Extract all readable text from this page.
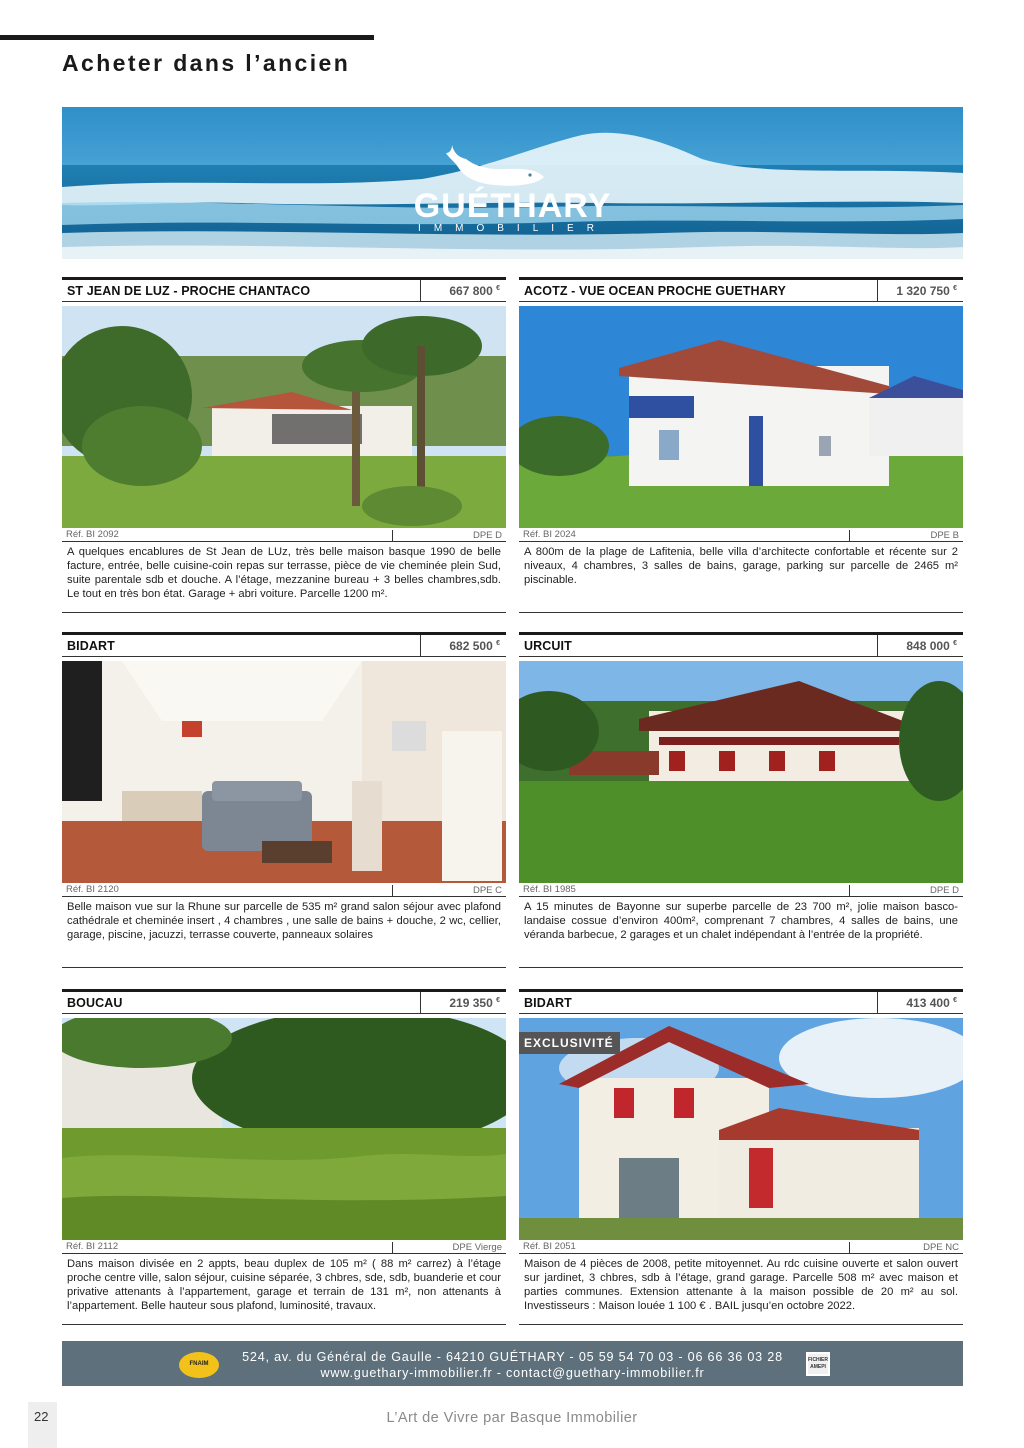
Acheter dans l’ancien
GUÉTHARY
IMMOBILIER
ST JEAN DE LUZ - PROCHE CHANTACO	667 800 €
Réf. BI 2092	DPE D

A quelques encablures de St Jean de LUz, très belle maison basque 1990 de belle facture, entrée, belle cuisine-coin repas sur terrasse, pièce de vie cheminée plein Sud, suite parentale sdb et douche. A l’étage, mezzanine bureau + 3 belles chambres,sdb. Le tout en très bon état. Garage + abri voiture. Parcelle 1200 m².

ACOTZ - VUE OCEAN PROCHE GUETHARY	1 320 750 €
Réf. BI 2024	DPE B

A 800m de la plage de Lafitenia, belle villa d’architecte confortable et récente sur 2 niveaux, 4 chambres, 3 salles de bains, garage, parking sur parcelle de 2465 m² piscinable.

BIDART	682 500 €
Réf. BI 2120	DPE C

Belle maison vue sur la Rhune sur parcelle de 535 m² grand salon séjour avec plafond cathédrale et cheminée insert , 4 chambres , une salle de bains + douche, 2 wc, cellier, garage, piscine, jacuzzi, terrasse couverte, panneaux solaires

URCUIT	848 000 €
Réf. BI 1985	DPE D

A 15 minutes de Bayonne sur superbe parcelle de 23 700 m², jolie maison basco-landaise cossue d’environ 400m², comprenant 7 chambres, 4 salles de bains, une véranda barbecue, 2 garages et un chalet indépendant à l’entrée de la propriété.

BOUCAU	219 350 €
Réf. BI 2112	DPE Vierge

Dans maison divisée en 2 appts, beau duplex de 105 m² ( 88 m² carrez) à l’étage proche centre ville, salon séjour, cuisine séparée, 3 chbres, sde, sdb, buanderie et cour privative attenants à l’appartement, garage et terrain de 131 m², non attenants à l’appartement. Belle hauteur sous plafond, luminosité, travaux.

BIDART	413 400 €
EXCLUSIVITÉ
Réf. BI 2051	DPE NC

Maison de 4 pièces de 2008, petite mitoyennet. Au rdc cuisine ouverte et salon ouvert sur jardinet, 3 chbres, sdb à l’étage, grand garage. Parcelle 508 m² avec maison et parties communes. Extension attenante à la maison possible de 20 m² au sol. Investisseurs : Maison louée 1 100 € . BAIL jusqu’en octobre 2022.

FNAIM	524, av. du Général de Gaulle - 64210 GUÉTHARY - 05 59 54 70 03 - 06 66 36 03 28
www.guethary-immobilier.fr - contact@guethary-immobilier.fr
FICHIER AMEPI
22	L’Art de Vivre par Basque Immobilier
